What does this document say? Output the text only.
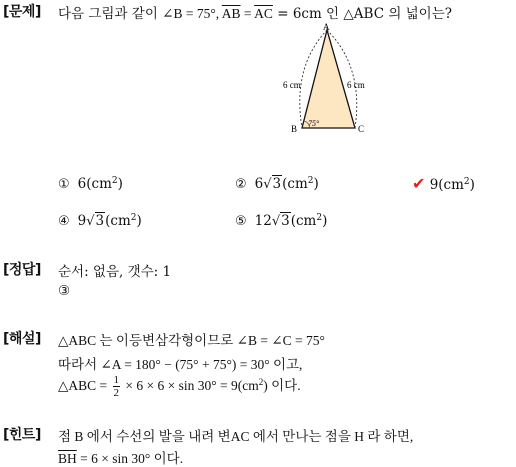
[문제] 다음 그림과 같이 ∠B = 75°, $\overline{AB} = \overline{AC} = 6cm$ 인 △ABC 의 넓이는?
A
B	C
6 cm	6 cm
75°
① $6(cm^2)$	② $6√3(cm^2)$	✔ $9(cm^2)$
④ $9√3(cm^2)$	⑤ $12√3(cm^2)$
[정답] 순서: 없음, 갯수: 1
③
[해설] △ABC 는 이등변삼각형이므로 ∠B = ∠C = 75°
따라서 ∠A = 180° − (75° + 75°) = 30° 이고,
△ABC = $\frac{1}{2} \times 6 \times 6 \times \sin 30^\circ = 9(cm^2)$ 이다.
[힌트] 점 B 에서 수선의 발을 내려 변AC 에서 만나는 점을 H 라 하면,
$\overline{BH} = 6 \times \sin 30^\circ$ 이다.
